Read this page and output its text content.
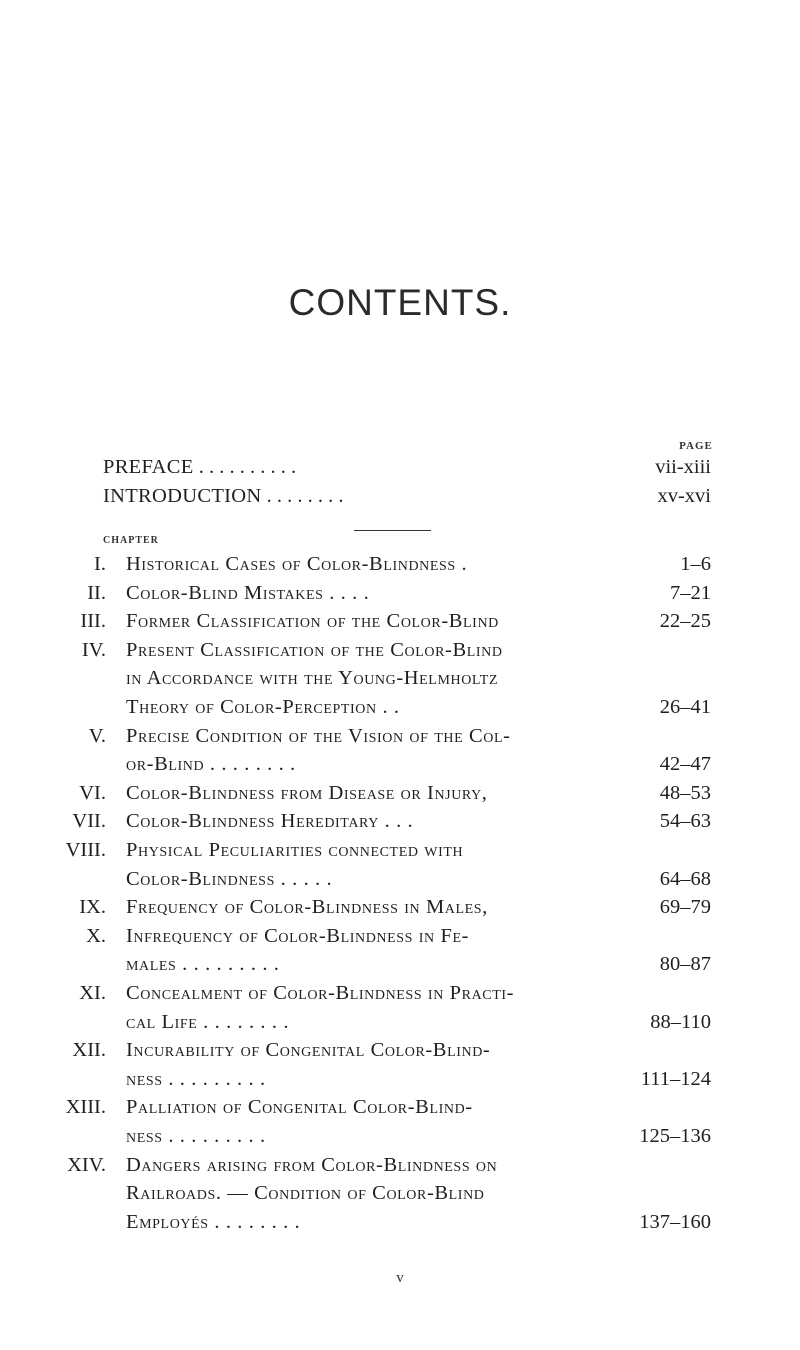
CONTENTS.
PAGE
PREFACE . . . . . . . . . .	vii-xiii
INTRODUCTION . . . . . . . .	xv-xvi
CHAPTER
I. Historical Cases of Color-Blindness .	1–6
II. Color-Blind Mistakes . . . .	7–21
III. Former Classification of the Color-Blind	22–25
IV. Present Classification of the Color-Blind
in Accordance with the Young-Helmholtz
Theory of Color-Perception . .	26–41
V. Precise Condition of the Vision of the Col-
or-Blind . . . . . . . .	42–47
VI. Color-Blindness from Disease or Injury,	48–53
VII. Color-Blindness Hereditary . . .	54–63
VIII. Physical Peculiarities connected with
Color-Blindness . . . . .	64–68
IX. Frequency of Color-Blindness in Males,	69–79
X. Infrequency of Color-Blindness in Fe-
males . . . . . . . . .	80–87
XI. Concealment of Color-Blindness in Practi-
cal Life . . . . . . . .	88–110
XII. Incurability of Congenital Color-Blind-
ness . . . . . . . . .	111–124
XIII. Palliation of Congenital Color-Blind-
ness . . . . . . . . .	125–136
XIV. Dangers arising from Color-Blindness on
Railroads. — Condition of Color-Blind
Employés . . . . . . . .	137–160
v
